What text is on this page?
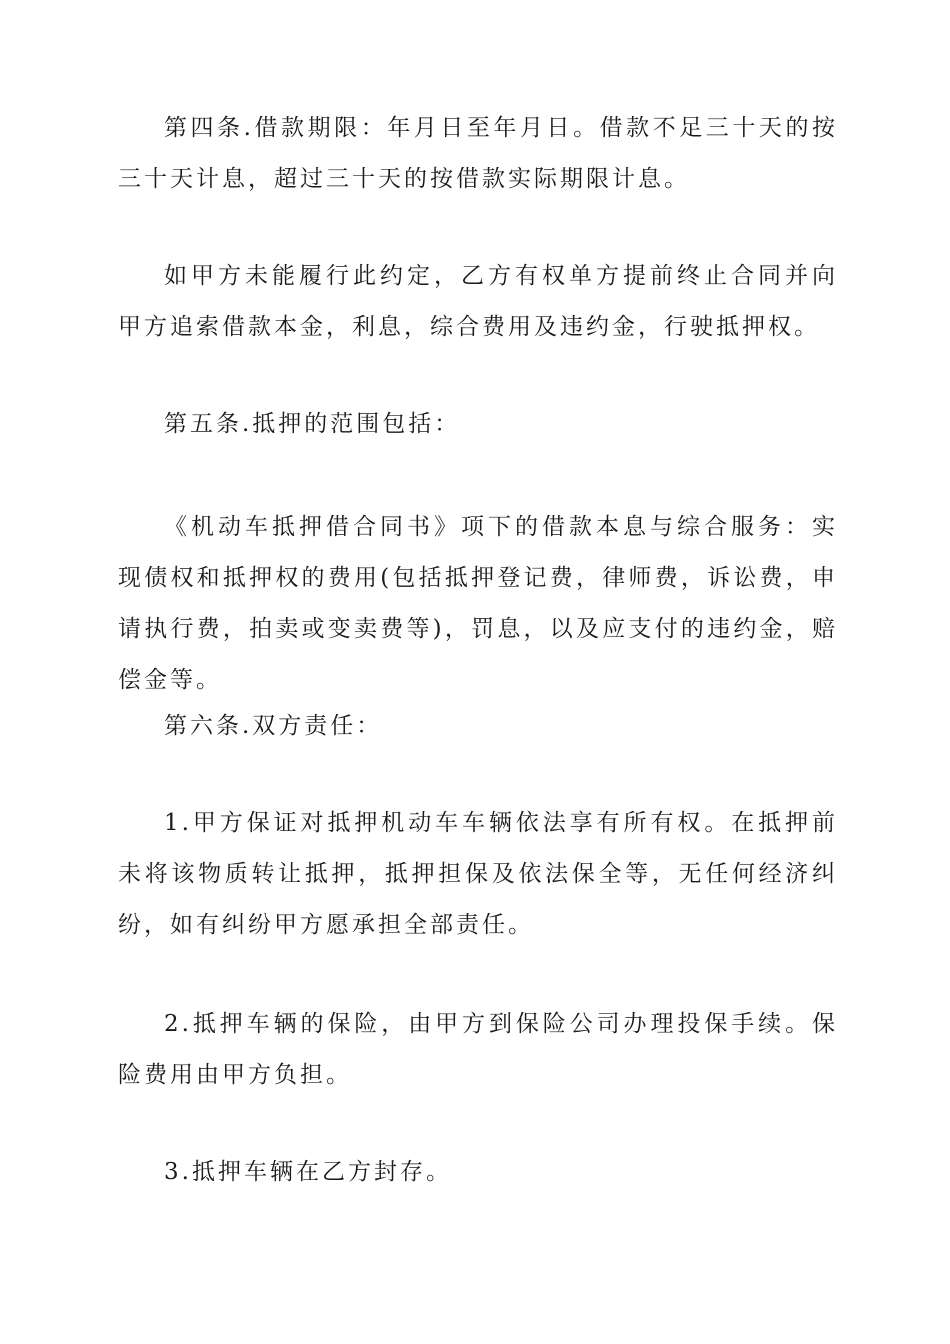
第四条.借款期限：年月日至年月日。借款不足三十天的按三十天计息，超过三十天的按借款实际期限计息。

如甲方未能履行此约定，乙方有权单方提前终止合同并向甲方追索借款本金，利息，综合费用及违约金，行驶抵押权。

第五条.抵押的范围包括：

《机动车抵押借合同书》项下的借款本息与综合服务：实现债权和抵押权的费用(包括抵押登记费，律师费，诉讼费，申请执行费，拍卖或变卖费等)，罚息，以及应支付的违约金，赔偿金等。

第六条.双方责任：

1.甲方保证对抵押机动车车辆依法享有所有权。在抵押前未将该物质转让抵押，抵押担保及依法保全等，无任何经济纠纷，如有纠纷甲方愿承担全部责任。

2.抵押车辆的保险，由甲方到保险公司办理投保手续。保险费用由甲方负担。

3.抵押车辆在乙方封存。
